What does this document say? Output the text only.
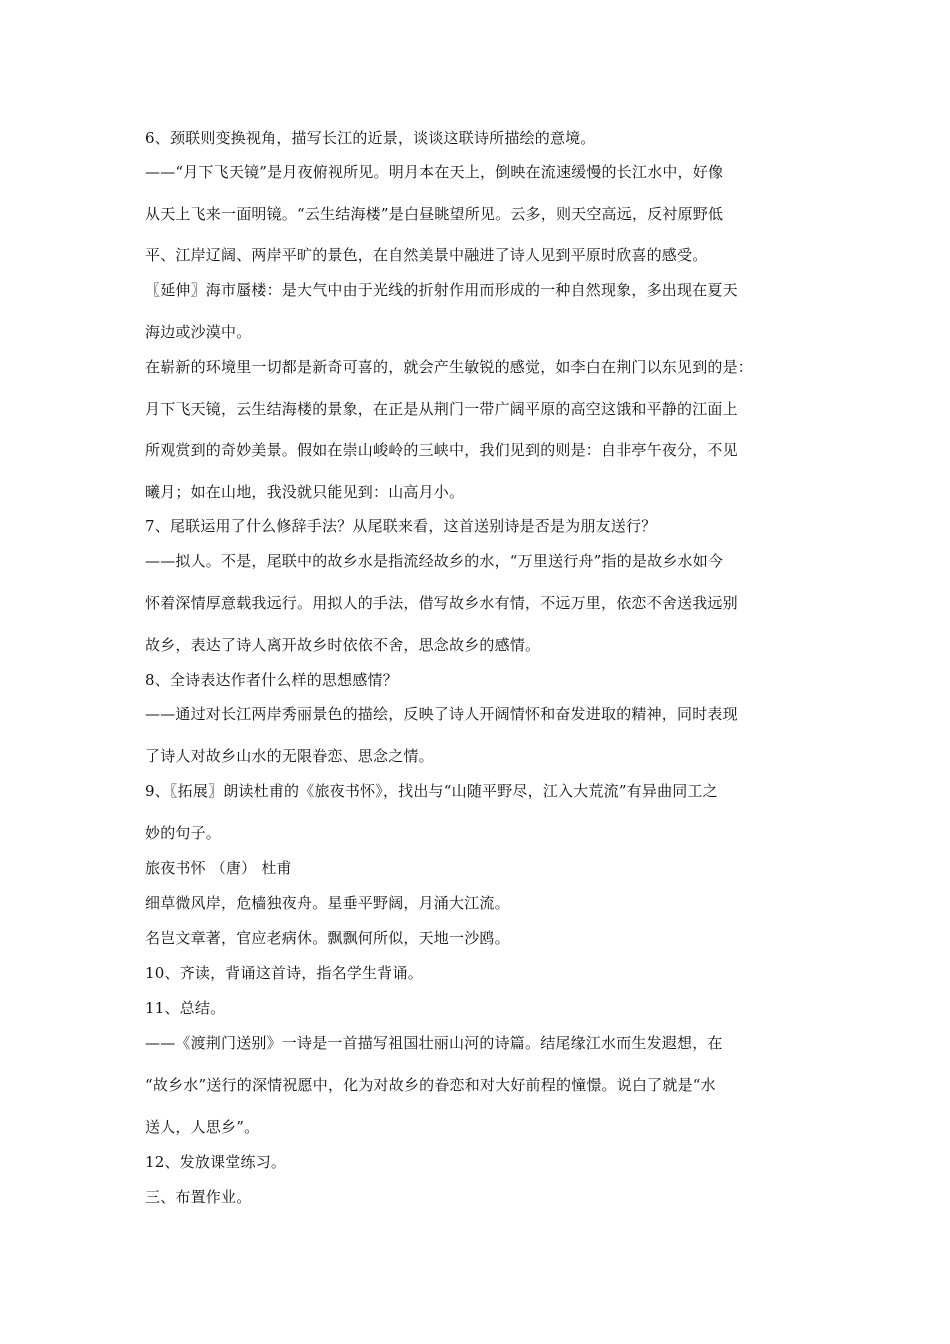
6、颈联则变换视角，描写长江的近景，谈谈这联诗所描绘的意境。
——“月下飞天镜”是月夜俯视所见。明月本在天上，倒映在流速缓慢的长江水中，好像
从天上飞来一面明镜。“云生结海楼”是白昼眺望所见。云多，则天空高远，反衬原野低
平、江岸辽阔、两岸平旷的景色，在自然美景中融进了诗人见到平原时欣喜的感受。
〖延伸〗海市蜃楼：是大气中由于光线的折射作用而形成的一种自然现象，多出现在夏天
海边或沙漠中。
在崭新的环境里一切都是新奇可喜的，就会产生敏锐的感觉，如李白在荆门以东见到的是：
月下飞天镜，云生结海楼的景象，在正是从荆门一带广阔平原的高空这饿和平静的江面上
所观赏到的奇妙美景。假如在崇山峻岭的三峡中，我们见到的则是：自非亭午夜分，不见
曦月；如在山地，我没就只能见到：山高月小。
7、尾联运用了什么修辞手法？从尾联来看，这首送别诗是否是为朋友送行？
——拟人。不是，尾联中的故乡水是指流经故乡的水，“万里送行舟”指的是故乡水如今
怀着深情厚意载我远行。用拟人的手法，借写故乡水有情，不远万里，依恋不舍送我远别
故乡，表达了诗人离开故乡时依依不舍，思念故乡的感情。
8、全诗表达作者什么样的思想感情？
——通过对长江两岸秀丽景色的描绘，反映了诗人开阔情怀和奋发进取的精神，同时表现
了诗人对故乡山水的无限眷恋、思念之情。
9、〖拓展〗朗读杜甫的《旅夜书怀》，找出与“山随平野尽，江入大荒流”有异曲同工之
妙的句子。
旅夜书怀 （唐） 杜甫
细草微风岸，危樯独夜舟。星垂平野阔，月涌大江流。
名岂文章著，官应老病休。飘飘何所似，天地一沙鸥。
10、齐读，背诵这首诗，指名学生背诵。
11、总结。
——《渡荆门送别》一诗是一首描写祖国壮丽山河的诗篇。结尾缘江水而生发遐想，在
“故乡水”送行的深情祝愿中，化为对故乡的眷恋和对大好前程的憧憬。说白了就是“水
送人，人思乡”。
12、发放课堂练习。
三、布置作业。
